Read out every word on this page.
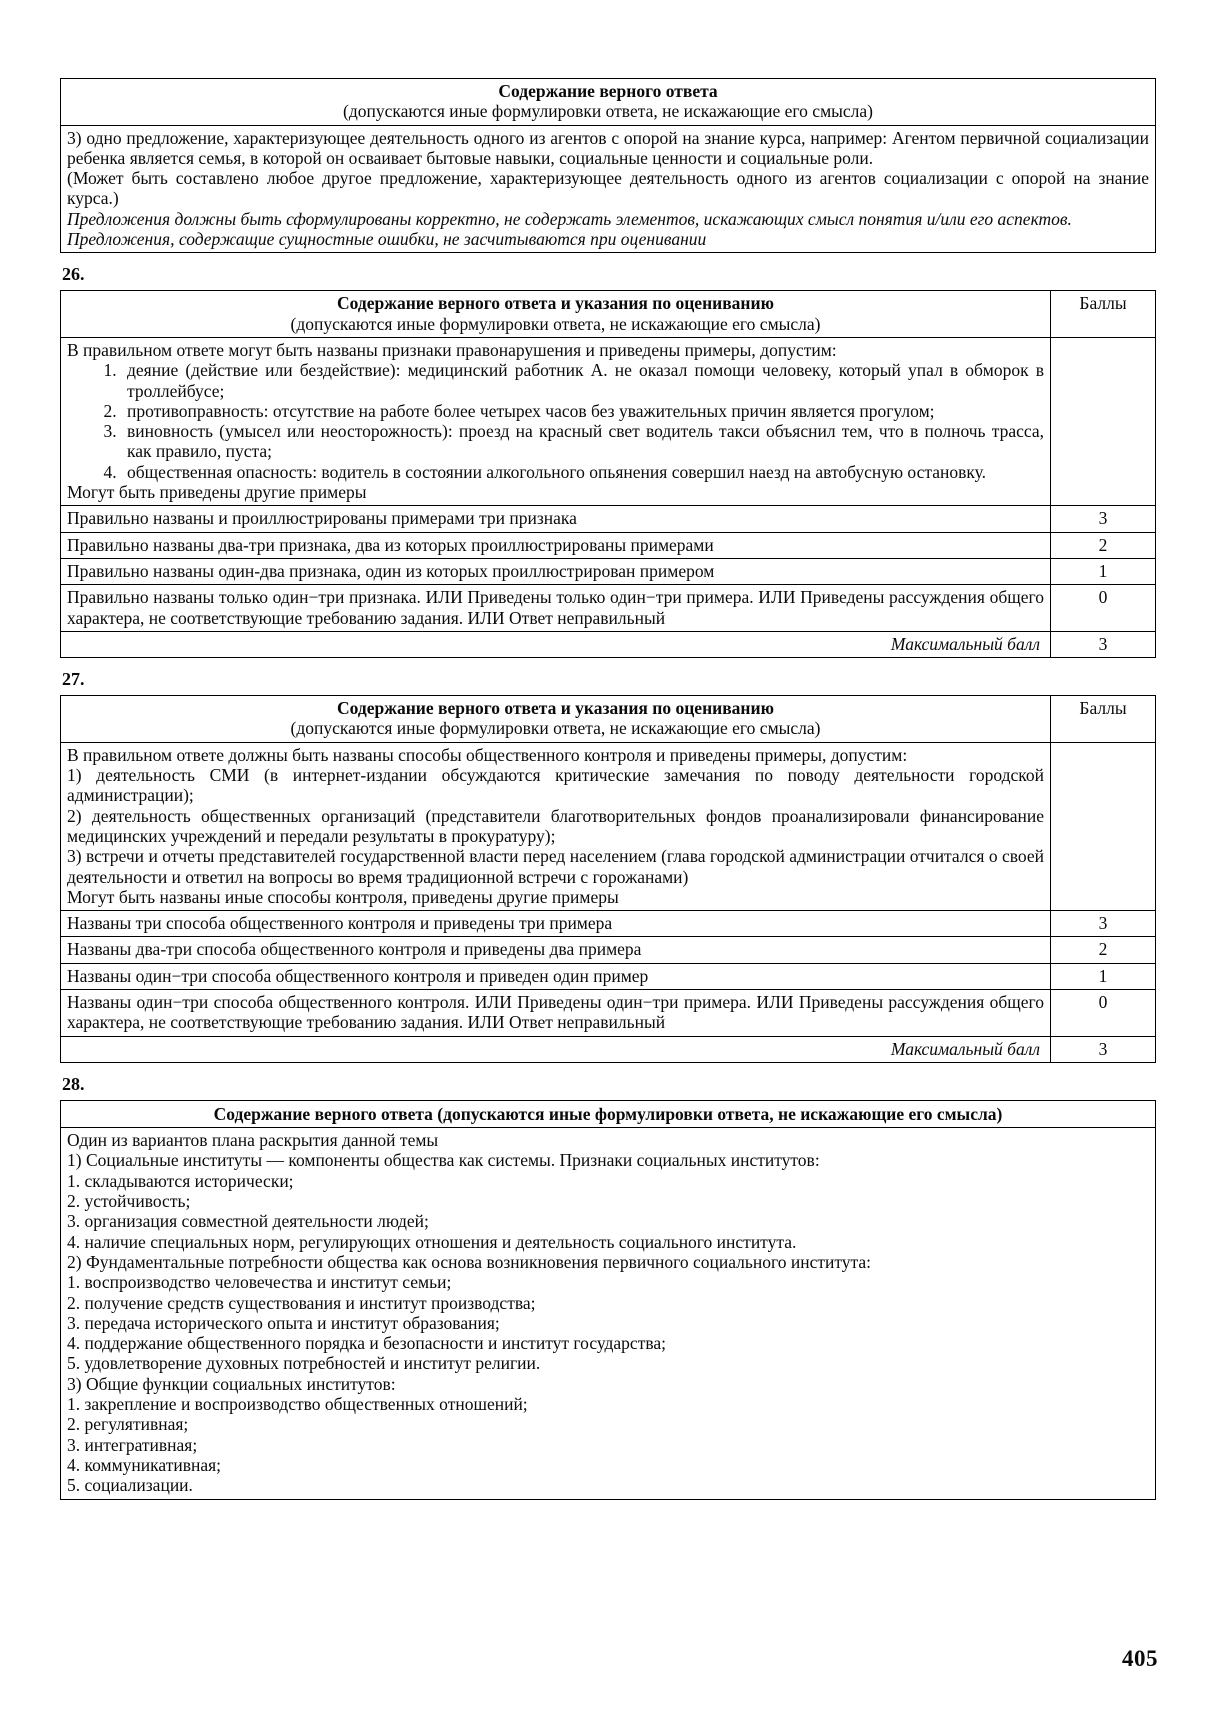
Содержание верного ответа
(допускаются иные формулировки ответа, не искажающие его смысла)

3) одно предложение, характеризующее деятельность одного из агентов с опорой на знание курса, например: Агентом первичной социализации ребенка является семья, в которой он осваивает бытовые навыки, социальные ценности и социальные роли.

(Может быть составлено любое другое предложение, характеризующее деятельность одного из агентов социализации с опорой на знание курса.)

Предложения должны быть сформулированы корректно, не содержать элементов, искажающих смысл понятия и/или его аспектов.

Предложения, содержащие сущностные ошибки, не засчитываются при оценивании

26.
Содержание верного ответа и указания по оцениванию
(допускаются иные формулировки ответа, не искажающие его смысла)	Баллы

В правильном ответе могут быть названы признаки правонарушения и приведены примеры, допустим:

1. деяние (действие или бездействие): медицинский работник А. не оказал помощи человеку, который упал в обморок в троллейбусе;
2. противоправность: отсутствие на работе более четырех часов без уважительных причин является прогулом;
3. виновность (умысел или неосторожность): проезд на красный свет водитель такси объяснил тем, что в полночь трасса, как правило, пуста;
4. общественная опасность: водитель в состоянии алкогольного опьянения совершил наезд на автобусную остановку.

Могут быть приведены другие примеры

Правильно названы и проиллюстрированы примерами три признака	3
Правильно названы два-три признака, два из которых проиллюстрированы примерами	2
Правильно названы один-два признака, один из которых проиллюстрирован примером	1
Правильно названы только один−три признака. ИЛИ Приведены только один−три примера. ИЛИ Приведены рассуждения общего характера, не соответствующие требованию задания. ИЛИ Ответ неправильный	0
Максимальный балл	3
27.
Содержание верного ответа и указания по оцениванию
(допускаются иные формулировки ответа, не искажающие его смысла)	Баллы

В правильном ответе должны быть названы способы общественного контроля и приведены примеры, допустим:

1) деятельность СМИ (в интернет-издании обсуждаются критические замечания по поводу деятельности городской администрации);

2) деятельность общественных организаций (представители благотворительных фондов проанализировали финансирование медицинских учреждений и передали результаты в прокуратуру);

3) встречи и отчеты представителей государственной власти перед населением (глава городской администрации отчитался о своей деятельности и ответил на вопросы во время традиционной встречи с горожанами)

Могут быть названы иные способы контроля, приведены другие примеры	

Названы три способа общественного контроля и приведены три примера	3
Названы два-три способа общественного контроля и приведены два примера	2
Названы один−три способа общественного контроля и приведен один пример	1
Названы один−три способа общественного контроля. ИЛИ Приведены один−три примера. ИЛИ Приведены рассуждения общего характера, не соответствующие требованию задания. ИЛИ Ответ неправильный	0
Максимальный балл	3
28.
Содержание верного ответа (допускаются иные формулировки ответа, не искажающие его смысла)

Один из вариантов плана раскрытия данной темы

1) Социальные институты — компоненты общества как системы. Признаки социальных институтов:

1. складываются исторически;

2. устойчивость;

3. организация совместной деятельности людей;

4. наличие специальных норм, регулирующих отношения и деятельность социального института.

2) Фундаментальные потребности общества как основа возникновения первичного социального института:

1. воспроизводство человечества и институт семьи;

2. получение средств существования и институт производства;

3. передача исторического опыта и институт образования;

4. поддержание общественного порядка и безопасности и институт государства;

5. удовлетворение духовных потребностей и институт религии.

3) Общие функции социальных институтов:

1. закрепление и воспроизводство общественных отношений;

2. регулятивная;

3. интегративная;

4. коммуникативная;

5. социализации.

405
